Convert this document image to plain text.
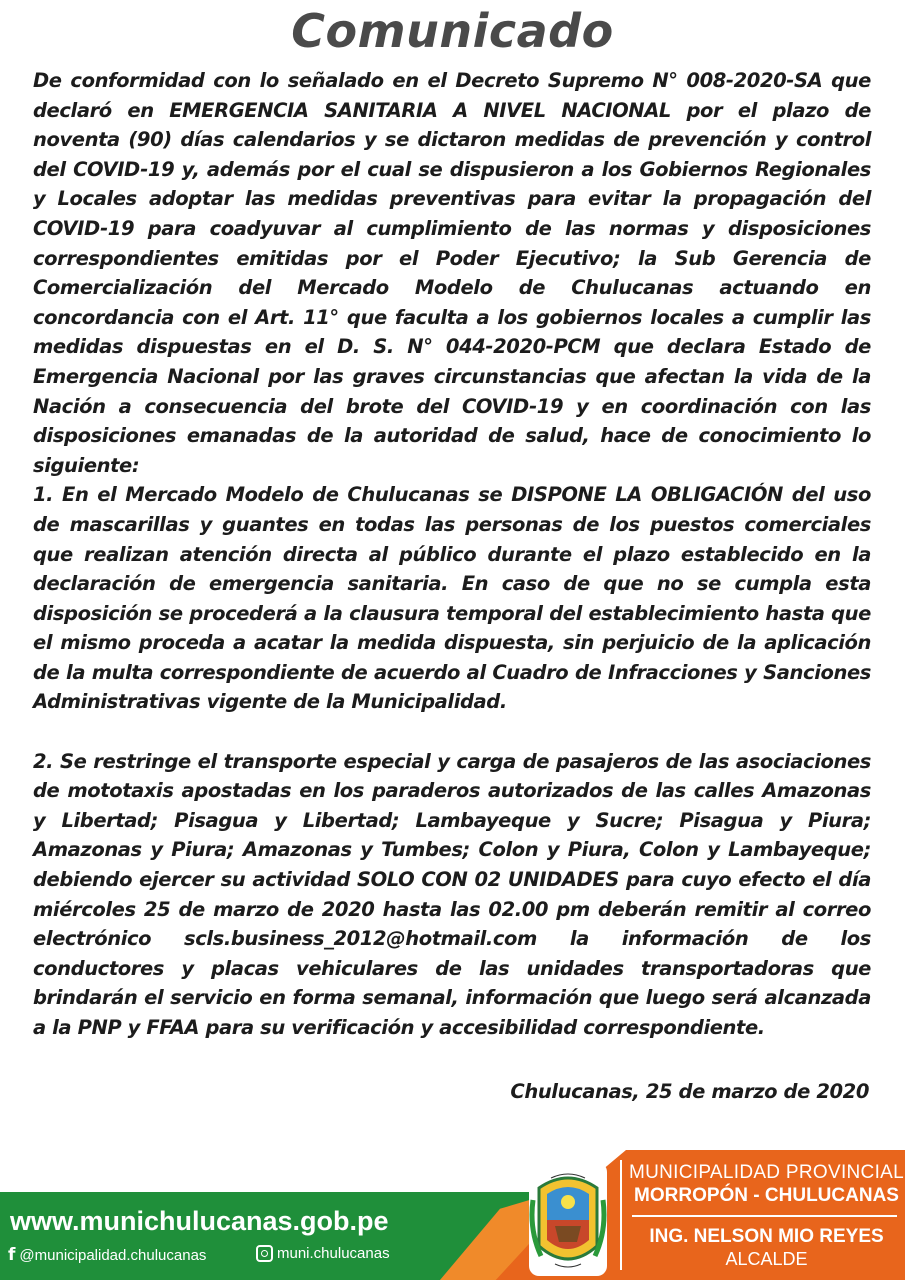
Comunicado

De conformidad con lo señalado en el Decreto Supremo N° 008-2020-SA que declaró en EMERGENCIA SANITARIA A NIVEL NACIONAL por el plazo de noventa (90) días calendarios y se dictaron medidas de prevención y control del COVID-19 y, además por el cual se dispusieron a los Gobiernos Regionales y Locales adoptar las medidas preventivas para evitar la propagación del COVID-19 para coadyuvar al cumplimiento de las normas y disposiciones correspondientes emitidas por el Poder Ejecutivo; la Sub Gerencia de Comercialización del Mercado Modelo de Chulucanas actuando en concordancia con el Art. 11° que faculta a los gobiernos locales a cumplir las medidas dispuestas en el D. S. N° 044-2020-PCM que declara Estado de Emergencia Nacional por las graves circunstancias que afectan la vida de la Nación a consecuencia del brote del COVID-19 y en coordinación con las disposiciones emanadas de la autoridad de salud, hace de conocimiento lo siguiente:

1. En el Mercado Modelo de Chulucanas se DISPONE LA OBLIGACIÓN del uso de mascarillas y guantes en todas las personas de los puestos comerciales que realizan atención directa al público durante el plazo establecido en la declaración de emergencia sanitaria. En caso de que no se cumpla esta disposición se procederá a la clausura temporal del establecimiento hasta que el mismo proceda a acatar la medida dispuesta, sin perjuicio de la aplicación de la multa correspondiente de acuerdo al Cuadro de Infracciones y Sanciones Administrativas vigente de la Municipalidad.

2. Se restringe el transporte especial y carga de pasajeros de las asociaciones de mototaxis apostadas en los paraderos autorizados de las calles Amazonas y Libertad; Pisagua y Libertad; Lambayeque y Sucre; Pisagua y Piura; Amazonas y Piura; Amazonas y Tumbes; Colon y Piura, Colon y Lambayeque; debiendo ejercer su actividad SOLO CON 02 UNIDADES para cuyo efecto el día miércoles 25 de marzo de 2020 hasta las 02.00 pm deberán remitir al correo electrónico scls.business_2012@hotmail.com la información de los conductores y placas vehiculares de las unidades transportadoras que brindarán el servicio en forma semanal, información que luego será alcanzada a la PNP y FFAA para su verificación y accesibilidad correspondiente.

Chulucanas, 25 de marzo de 2020
www.munichulucanas.gob.pe
f @municipalidad.chulucanas	muni.chulucanas
MUNICIPALIDAD PROVINCIAL
MORROPÓN - CHULUCANAS
ING. NELSON MIO REYES
ALCALDE
